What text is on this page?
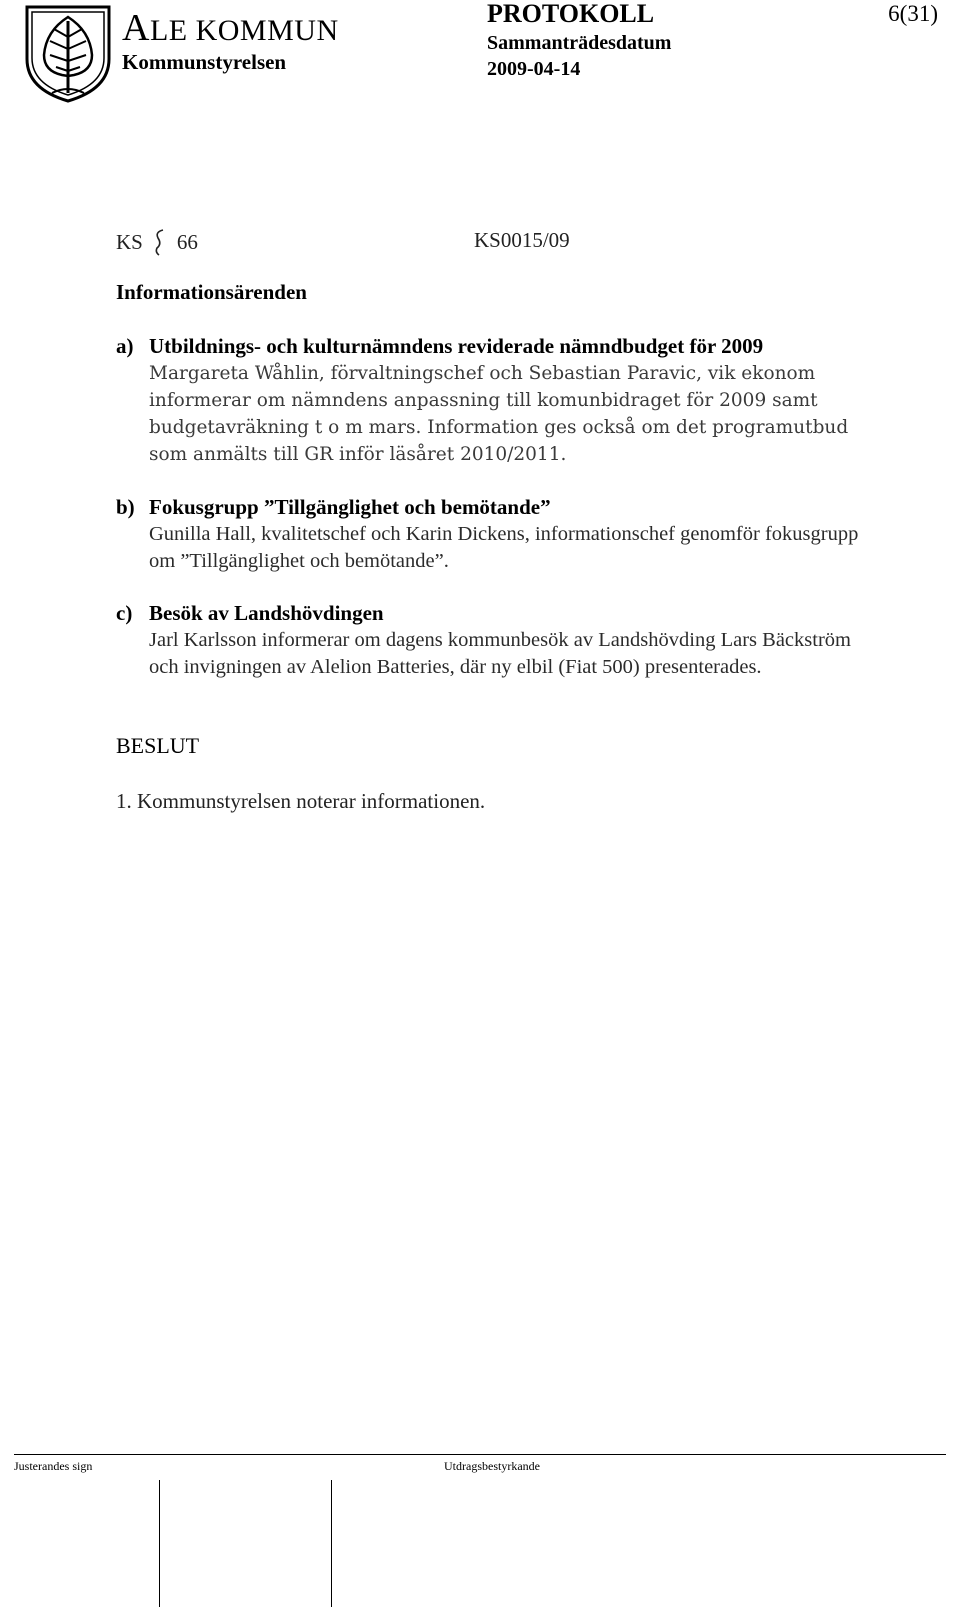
ALE KOMMUN
Kommunstyrelsen
PROTOKOLL
Sammanträdesdatum
2009-04-14
6(31)
KS 66	KS0015/09
Informationsärenden
a) Utbildnings- och kulturnämndens reviderade nämndbudget för 2009
Margareta Wåhlin, förvaltningschef och Sebastian Paravic, vik ekonom informerar om nämndens anpassning till komunbidraget för 2009 samt budgetavräkning t o m mars. Information ges också om det programutbud som anmälts till GR inför läsåret 2010/2011.
b) Fokusgrupp ”Tillgänglighet och bemötande”
Gunilla Hall, kvalitetschef och Karin Dickens, informationschef genomför fokusgrupp om ”Tillgänglighet och bemötande”.
c) Besök av Landshövdingen
Jarl Karlsson informerar om dagens kommunbesök av Landshövding Lars Bäckström och invigningen av Alelion Batteries, där ny elbil (Fiat 500) presenterades.
BESLUT
1. Kommunstyrelsen noterar informationen.
Justerandes sign	Utdragsbestyrkande
